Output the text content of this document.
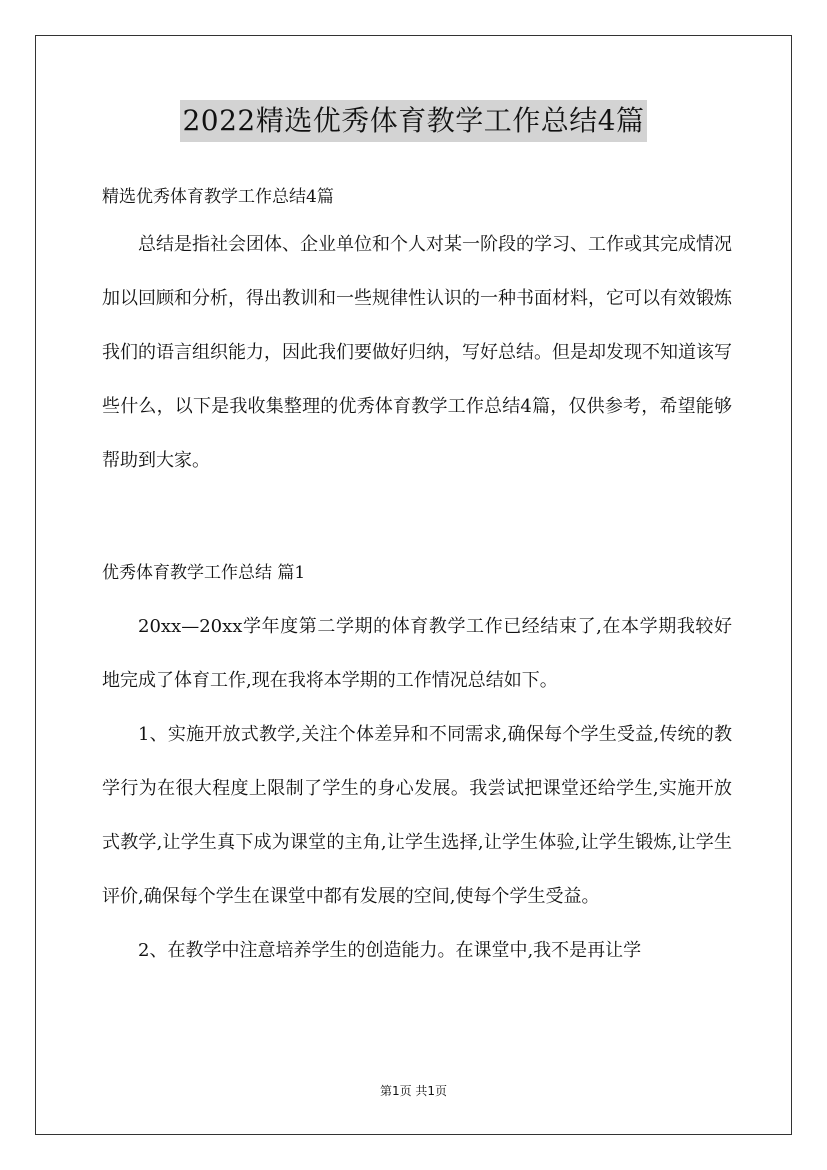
2022精选优秀体育教学工作总结4篇
精选优秀体育教学工作总结4篇

总结是指社会团体、企业单位和个人对某一阶段的学习、工作或其完成情况加以回顾和分析，得出教训和一些规律性认识的一种书面材料，它可以有效锻炼我们的语言组织能力，因此我们要做好归纳，写好总结。但是却发现不知道该写些什么，以下是我收集整理的优秀体育教学工作总结4篇，仅供参考，希望能够帮助到大家。

优秀体育教学工作总结 篇1

20xx—20xx学年度第二学期的体育教学工作已经结束了,在本学期我较好地完成了体育工作,现在我将本学期的工作情况总结如下。

1、实施开放式教学,关注个体差异和不同需求,确保每个学生受益,传统的教学行为在很大程度上限制了学生的身心发展。我尝试把课堂还给学生,实施开放式教学,让学生真下成为课堂的主角,让学生选择,让学生体验,让学生锻炼,让学生评价,确保每个学生在课堂中都有发展的空间,使每个学生受益。

2、在教学中注意培养学生的创造能力。在课堂中,我不是再让学

第1页 共1页
